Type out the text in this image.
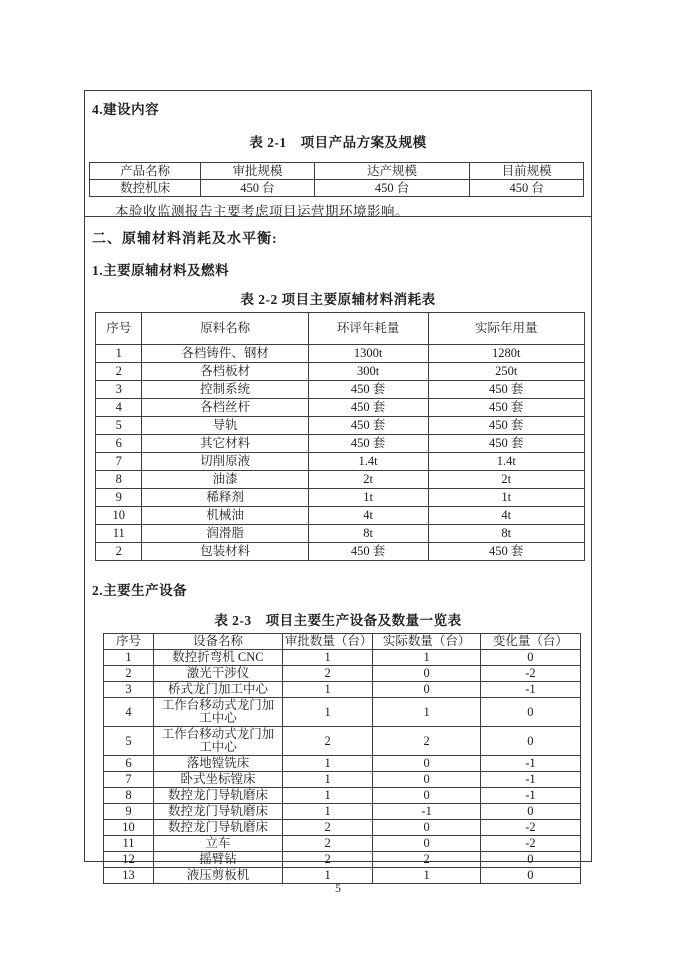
4.建设内容
表 2-1　项目产品方案及规模
产品名称	审批规模	达产规模	目前规模
数控机床	450 台	450 台	450 台

本验收监测报告主要考虑项目运营期环境影响。

二、原辅材料消耗及水平衡:
1.主要原辅材料及燃料
表 2-2 项目主要原辅材料消耗表
序号	原料名称	环评年耗量	实际年用量
1	各档铸件、钢材	1300t	1280t
2	各档板材	300t	250t
3	控制系统	450 套	450 套
4	各档丝杆	450 套	450 套
5	导轨	450 套	450 套
6	其它材料	450 套	450 套
7	切削原液	1.4t	1.4t
8	油漆	2t	2t
9	稀释剂	1t	1t
10	机械油	4t	4t
11	润滑脂	8t	8t
2	包装材料	450 套	450 套
2.主要生产设备
表 2-3　项目主要生产设备及数量一览表
序号	设备名称	审批数量（台）	实际数量（台）	变化量（台）
1	数控折弯机 CNC	1	1	0
2	激光干涉仪	2	0	-2
3	桥式龙门加工中心	1	0	-1
4	工作台移动式龙门加工中心	1	1	0
5	工作台移动式龙门加工中心	2	2	0
6	落地镗铣床	1	0	-1
7	卧式坐标镗床	1	0	-1
8	数控龙门导轨磨床	1	0	-1
9	数控龙门导轨磨床	1	-1	0
10	数控龙门导轨磨床	2	0	-2
11	立车	2	0	-2
12	摇臂钻	2	2	0
13	液压剪板机	1	1	0
5
